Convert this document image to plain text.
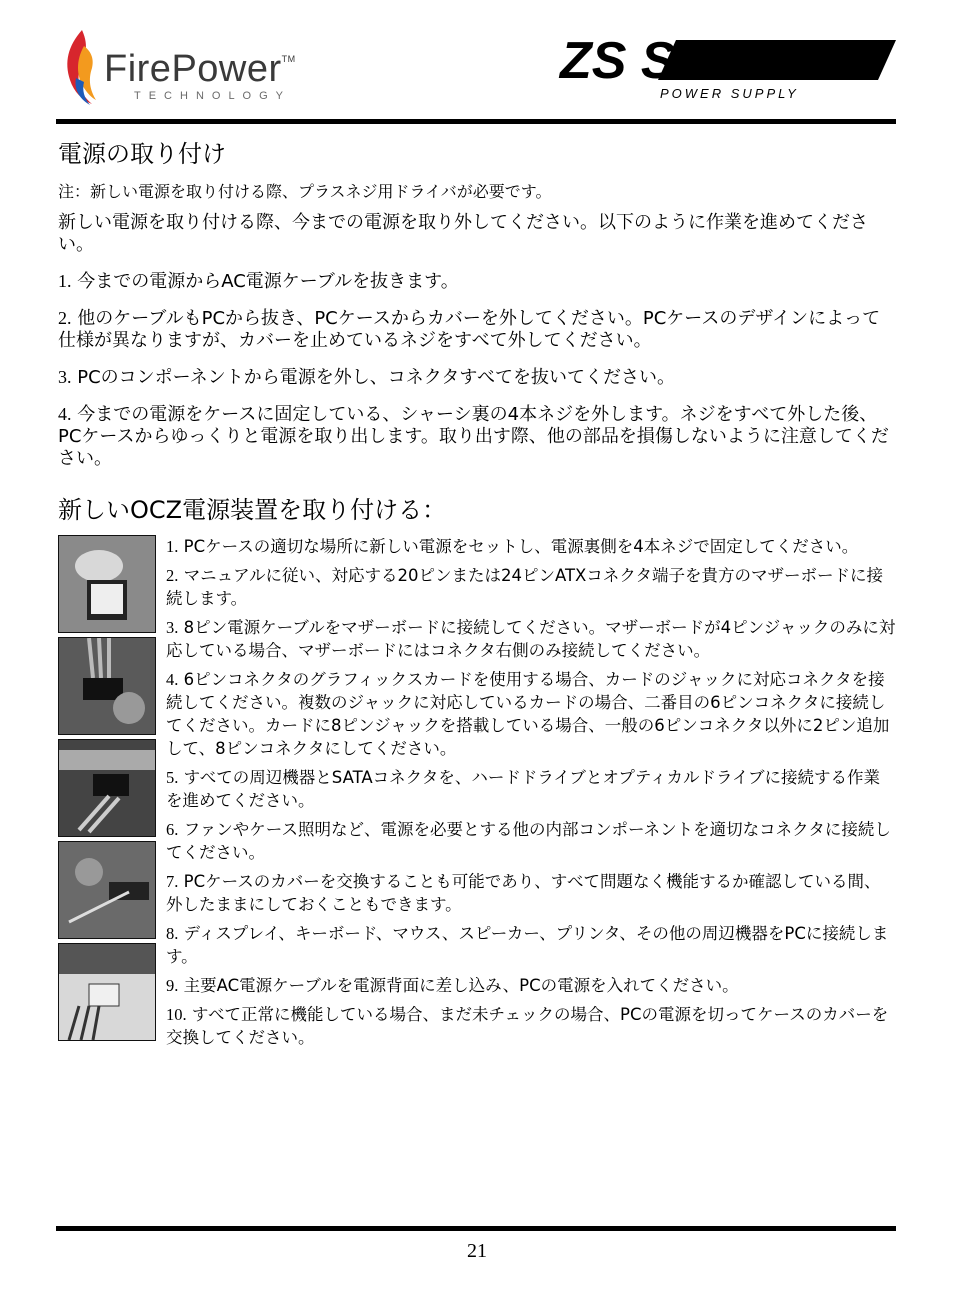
FirePower™
TECHNOLOGY
ZS SERIES
POWER SUPPLY
電源の取り付け
注：新しい電源を取り付ける際、プラスネジ用ドライバが必要です。
新しい電源を取り付ける際、今までの電源を取り外してください。以下のように作業を進めてください。
1. 今までの電源からAC電源ケーブルを抜きます。
2. 他のケーブルもPCから抜き、PCケースからカバーを外してください。PCケースのデザインによって仕様が異なりますが、カバーを止めているネジをすべて外してください。
3. PCのコンポーネントから電源を外し、コネクタすべてを抜いてください。
4. 今までの電源をケースに固定している、シャーシ裏の4本ネジを外します。ネジをすべて外した後、PCケースからゆっくりと電源を取り出します。取り出す際、他の部品を損傷しないように注意してください。
新しいOCZ電源装置を取り付ける：
1. PCケースの適切な場所に新しい電源をセットし、電源裏側を4本ネジで固定してください。
2. マニュアルに従い、対応する20ピンまたは24ピンATXコネクタ端子を貴方のマザーボードに接続します。
3. 8ピン電源ケーブルをマザーボードに接続してください。マザーボードが4ピンジャックのみに対応している場合、マザーボードにはコネクタ右側のみ接続してください。
4. 6ピンコネクタのグラフィックスカードを使用する場合、カードのジャックに対応コネクタを接続してください。複数のジャックに対応しているカードの場合、二番目の6ピンコネクタに接続してください。カードに8ピンジャックを搭載している場合、一般の6ピンコネクタ以外に2ピン追加して、8ピンコネクタにしてください。
5. すべての周辺機器とSATAコネクタを、ハードドライブとオプティカルドライブに接続する作業を進めてください。
6. ファンやケース照明など、電源を必要とする他の内部コンポーネントを適切なコネクタに接続してください。
7. PCケースのカバーを交換することも可能であり、すべて問題なく機能するか確認している間、外したままにしておくこともできます。
8. ディスプレイ、キーボード、マウス、スピーカー、プリンタ、その他の周辺機器をPCに接続します。
9. 主要AC電源ケーブルを電源背面に差し込み、PCの電源を入れてください。
10. すべて正常に機能している場合、まだ未チェックの場合、PCの電源を切ってケースのカバーを交換してください。
21
